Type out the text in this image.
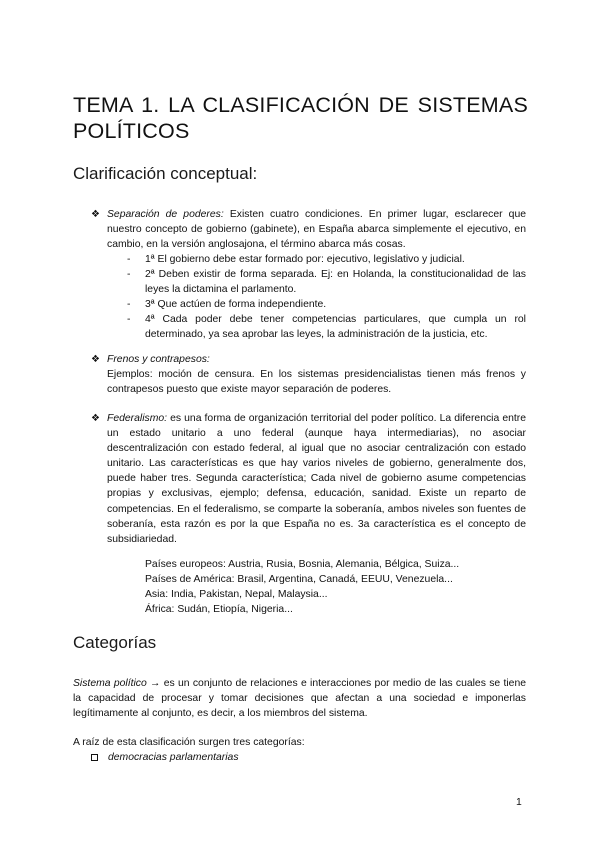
TEMA 1. LA CLASIFICACIÓN DE SISTEMAS POLÍTICOS
Clarificación conceptual:
❖ Separación de poderes: Existen cuatro condiciones. En primer lugar, esclarecer que nuestro concepto de gobierno (gabinete), en España abarca simplemente el ejecutivo, en cambio, en la versión anglosajona, el término abarca más cosas.
- 1ª El gobierno debe estar formado por: ejecutivo, legislativo y judicial.

- 2ª Deben existir de forma separada. Ej: en Holanda, la constitucionalidad de las leyes la dictamina el parlamento.

- 3ª Que actúen de forma independiente.

- 4ª Cada poder debe tener competencias particulares, que cumpla un rol determinado, ya sea aprobar las leyes, la administración de la justicia, etc.

❖ Frenos y contrapesos:

Ejemplos: moción de censura. En los sistemas presidencialistas tienen más frenos y contrapesos puesto que existe mayor separación de poderes.

❖ Federalismo: es una forma de organización territorial del poder político. La diferencia entre un estado unitario a uno federal (aunque haya intermediarias), no asociar descentralización con estado federal, al igual que no asociar centralización con estado unitario. Las características es que hay varios niveles de gobierno, generalmente dos, puede haber tres. Segunda característica; Cada nivel de gobierno asume competencias propias y exclusivas, ejemplo; defensa, educación, sanidad. Existe un reparto de competencias. En el federalismo, se comparte la soberanía, ambos niveles son fuentes de soberanía, esta razón es por la que España no es. 3a característica es el concepto de subsidiariedad.
Países europeos: Austria, Rusia, Bosnia, Alemania, Bélgica, Suiza...
Países de América: Brasil, Argentina, Canadá, EEUU, Venezuela...
Asia: India, Pakistan, Nepal, Malaysia...
África: Sudán, Etiopía, Nigeria...
Categorías
Sistema político → es un conjunto de relaciones e interacciones por medio de las cuales se tiene la capacidad de procesar y tomar decisiones que afectan a una sociedad e imponerlas legítimamente al conjunto, es decir, a los miembros del sistema.

A raíz de esta clasificación surgen tres categorías:

democracias parlamentarias
1
